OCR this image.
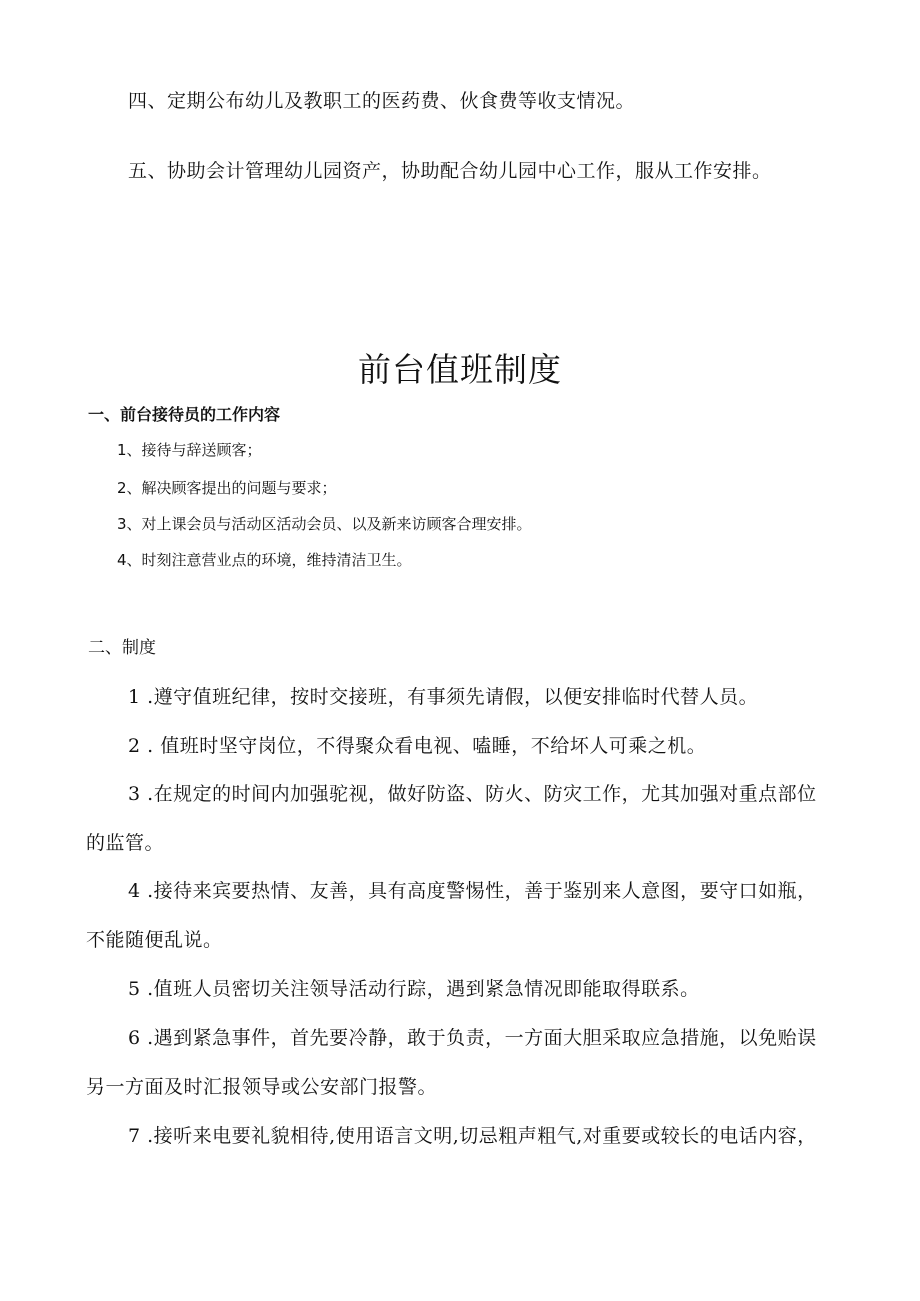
四、定期公布幼儿及教职工的医药费、伙食费等收支情况。

五、协助会计管理幼儿园资产，协助配合幼儿园中心工作，服从工作安排。

前台值班制度

一、前台接待员的工作内容

1、接待与辞送顾客；

2、解决顾客提出的问题与要求；

3、对上课会员与活动区活动会员、以及新来访顾客合理安排。

4、时刻注意营业点的环境，维持清洁卫生。

二、制度

1 .遵守值班纪律，按时交接班，有事须先请假，以便安排临时代替人员。

2 . 值班时坚守岗位，不得聚众看电视、嗑睡，不给坏人可乘之机。

3 .在规定的时间内加强驼视，做好防盗、防火、防灾工作，尤其加强对重点部位

的监管。

4 .接待来宾要热情、友善，具有高度警惕性，善于鉴别来人意图，要守口如瓶，

不能随便乱说。

5 .值班人员密切关注领导活动行踪，遇到紧急情况即能取得联系。

6 .遇到紧急事件，首先要冷静，敢于负责，一方面大胆采取应急措施，以免贻误

另一方面及时汇报领导或公安部门报警。

7 .接听来电要礼貌相待,使用语言文明,切忌粗声粗气,对重要或较长的电话内容，
